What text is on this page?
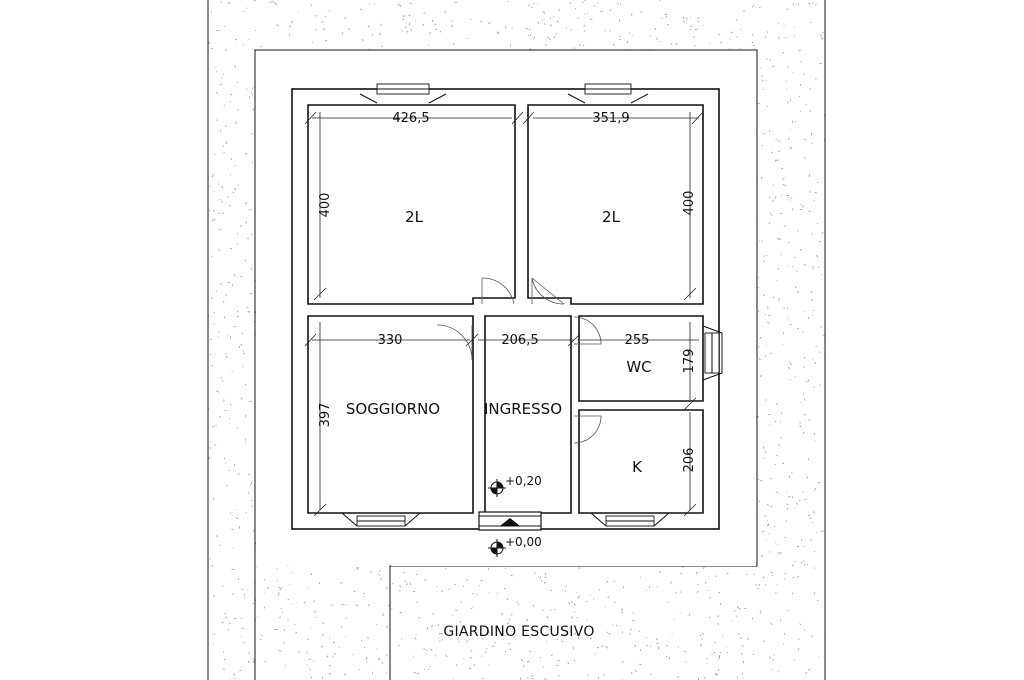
2L	2L
SOGGIORNO	INGRESSO
WC
K
426,5	351,9
400	400
330	206,5	255
397
179
206
+0,20
+0,00
GIARDINO ESCUSIVO
